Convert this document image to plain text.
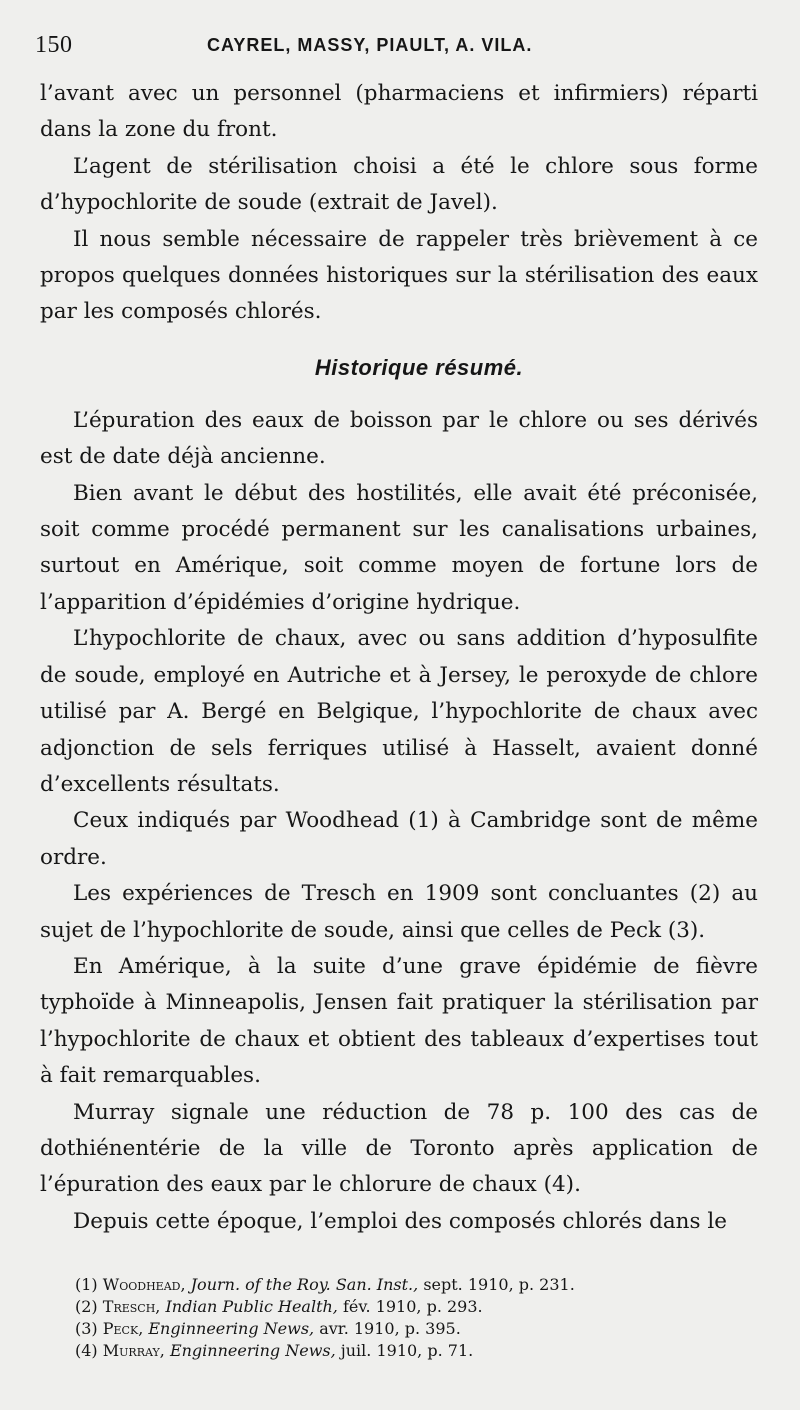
150	CAYREL, MASSY, PIAULT, A. VILA.

l’avant avec un personnel (pharmaciens et infirmiers) réparti dans la zone du front.

L’agent de stérilisation choisi a été le chlore sous forme d’hypochlorite de soude (extrait de Javel).

Il nous semble nécessaire de rappeler très brièvement à ce propos quelques données historiques sur la stérilisation des eaux par les composés chlorés.

Historique résumé.

L’épuration des eaux de boisson par le chlore ou ses dérivés est de date déjà ancienne.

Bien avant le début des hostilités, elle avait été préconisée, soit comme procédé permanent sur les canalisations urbaines, surtout en Amérique, soit comme moyen de fortune lors de l’apparition d’épidémies d’origine hydrique.

L’hypochlorite de chaux, avec ou sans addition d’hyposulfite de soude, employé en Autriche et à Jersey, le peroxyde de chlore utilisé par A. Bergé en Belgique, l’hypochlorite de chaux avec adjonction de sels ferriques utilisé à Hasselt, avaient donné d’excellents résultats.

Ceux indiqués par Woodhead (1) à Cambridge sont de même ordre.

Les expériences de Tresch en 1909 sont concluantes (2) au sujet de l’hypochlorite de soude, ainsi que celles de Peck (3).

En Amérique, à la suite d’une grave épidémie de fièvre typhoïde à Minneapolis, Jensen fait pratiquer la stérilisation par l’hypochlorite de chaux et obtient des tableaux d’expertises tout à fait remarquables.

Murray signale une réduction de 78 p. 100 des cas de dothiénentérie de la ville de Toronto après application de l’épuration des eaux par le chlorure de chaux (4).

Depuis cette époque, l’emploi des composés chlorés dans le

(1) Woodhead, Journ. of the Roy. San. Inst., sept. 1910, p. 231.

(2) Tresch, Indian Public Health, fév. 1910, p. 293.

(3) Peck, Enginneering News, avr. 1910, p. 395.

(4) Murray, Enginneering News, juil. 1910, p. 71.
